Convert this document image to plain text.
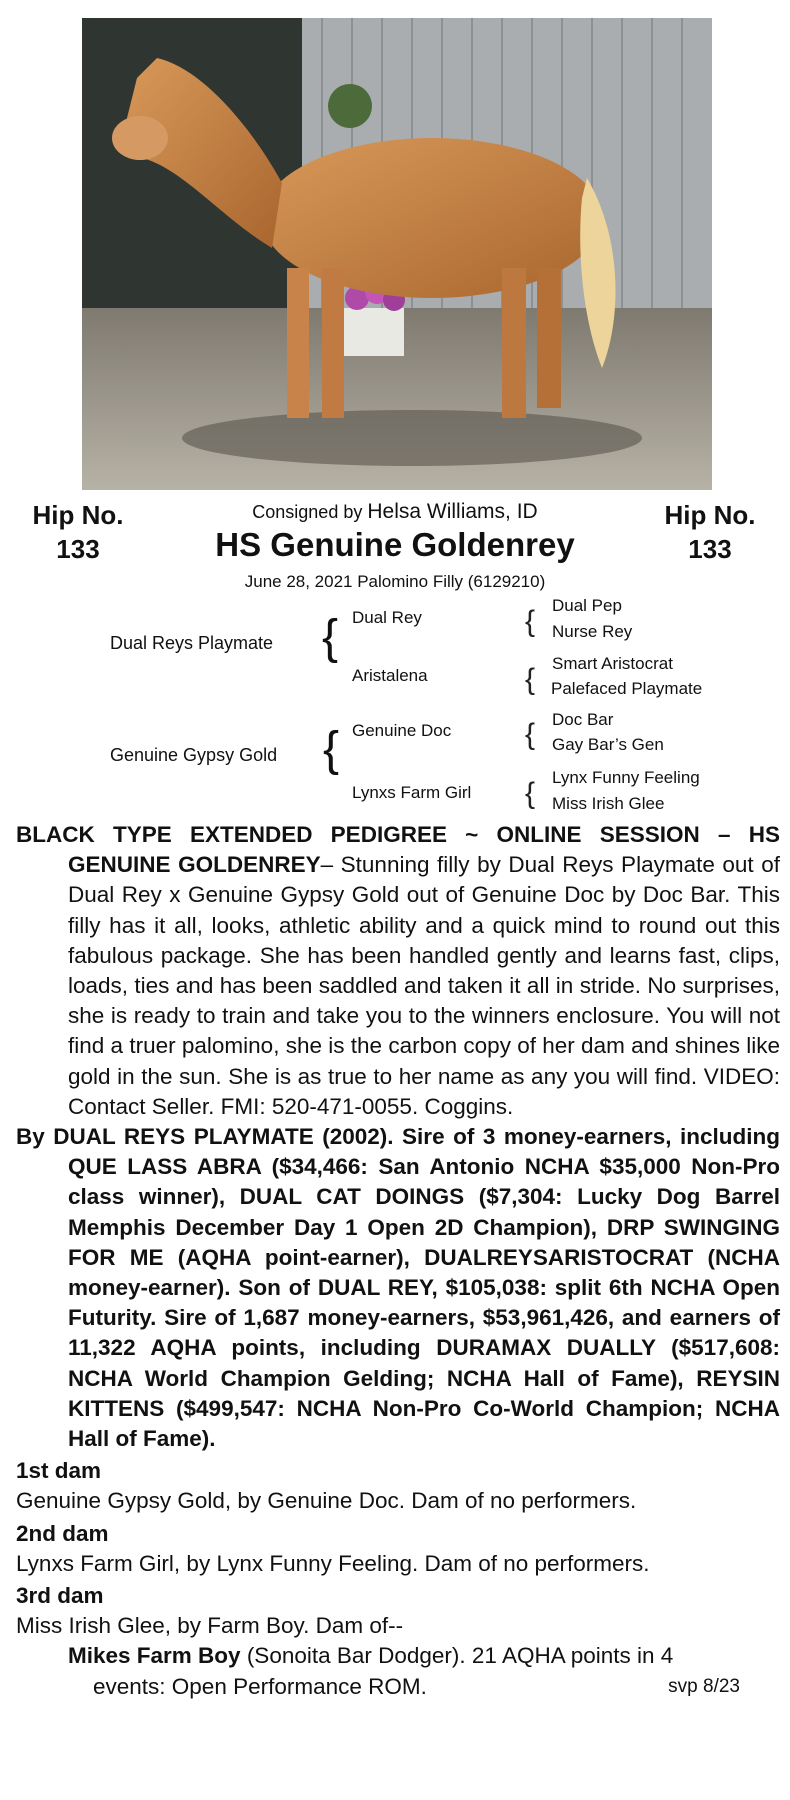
Hip No.
133
Hip No.
133
Consigned by Helsa Williams, ID
HS Genuine Goldenrey
June 28, 2021 Palomino Filly (6129210)
Dual Reys Playmate { Dual Rey
Aristalena
{ Dual Pep
Nurse Rey
{ Smart Aristocrat
Palefaced Playmate
Genuine Gypsy Gold { Genuine Doc
Lynxs Farm Girl
{ Doc Bar
Gay Bar’s Gen
{ Lynx Funny Feeling
Miss Irish Glee

BLACK TYPE EXTENDED PEDIGREE ~ ONLINE SESSION – HS GENUINE GOLDENREY– Stunning filly by Dual Reys Playmate out of Dual Rey x Genuine Gypsy Gold out of Genuine Doc by Doc Bar. This filly has it all, looks, athletic ability and a quick mind to round out this fabulous package. She has been handled gently and learns fast, clips, loads, ties and has been saddled and taken it all in stride. No surprises, she is ready to train and take you to the winners enclosure. You will not find a truer palomino, she is the carbon copy of her dam and shines like gold in the sun. She is as true to her name as any you will find. VIDEO: Contact Seller. FMI: 520-471-0055. Coggins.

By DUAL REYS PLAYMATE (2002). Sire of 3 money-earners, including QUE LASS ABRA ($34,466: San Antonio NCHA $35,000 Non-Pro class winner), DUAL CAT DOINGS ($7,304: Lucky Dog Barrel Memphis December Day 1 Open 2D Champion), DRP SWINGING FOR ME (AQHA point-earner), DUALREYSARISTOCRAT (NCHA money-earner). Son of DUAL REY, $105,038: split 6th NCHA Open Futurity. Sire of 1,687 money-earners, $53,961,426, and earners of 11,322 AQHA points, including DURAMAX DUALLY ($517,608: NCHA World Champion Gelding; NCHA Hall of Fame), REYSIN KITTENS ($499,547: NCHA Non-Pro Co-World Champion; NCHA Hall of Fame).

1st dam

Genuine Gypsy Gold, by Genuine Doc. Dam of no performers.

2nd dam

Lynxs Farm Girl, by Lynx Funny Feeling. Dam of no performers.

3rd dam

Miss Irish Glee, by Farm Boy. Dam of--

Mikes Farm Boy (Sonoita Bar Dodger). 21 AQHA points in 4

events: Open Performance ROM.	svp 8/23
